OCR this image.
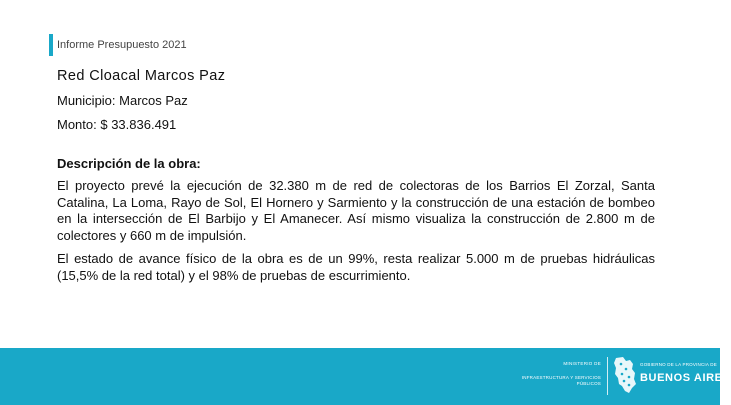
Informe Presupuesto 2021
Red Cloacal Marcos Paz
Municipio: Marcos Paz
Monto: $ 33.836.491
Descripción de la obra:
El proyecto prevé la ejecución de 32.380 m de red de colectoras de los Barrios El Zorzal, Santa Catalina, La Loma, Rayo de Sol, El Hornero y Sarmiento y la construcción de una estación de bombeo en la intersección de El Barbijo y El Amanecer. Así mismo visualiza la construcción de 2.800 m de colectores y 660 m de impulsión.
El estado de avance físico de la obra es de un 99%, resta realizar 5.000 m de pruebas hidráulicas (15,5% de la red total) y el 98% de pruebas de escurrimiento.
MINISTERIO DE
INFRAESTRUCTURA Y SERVICIOS PÚBLICOS
GOBIERNO DE LA PROVINCIA DE
BUENOS AIRES
